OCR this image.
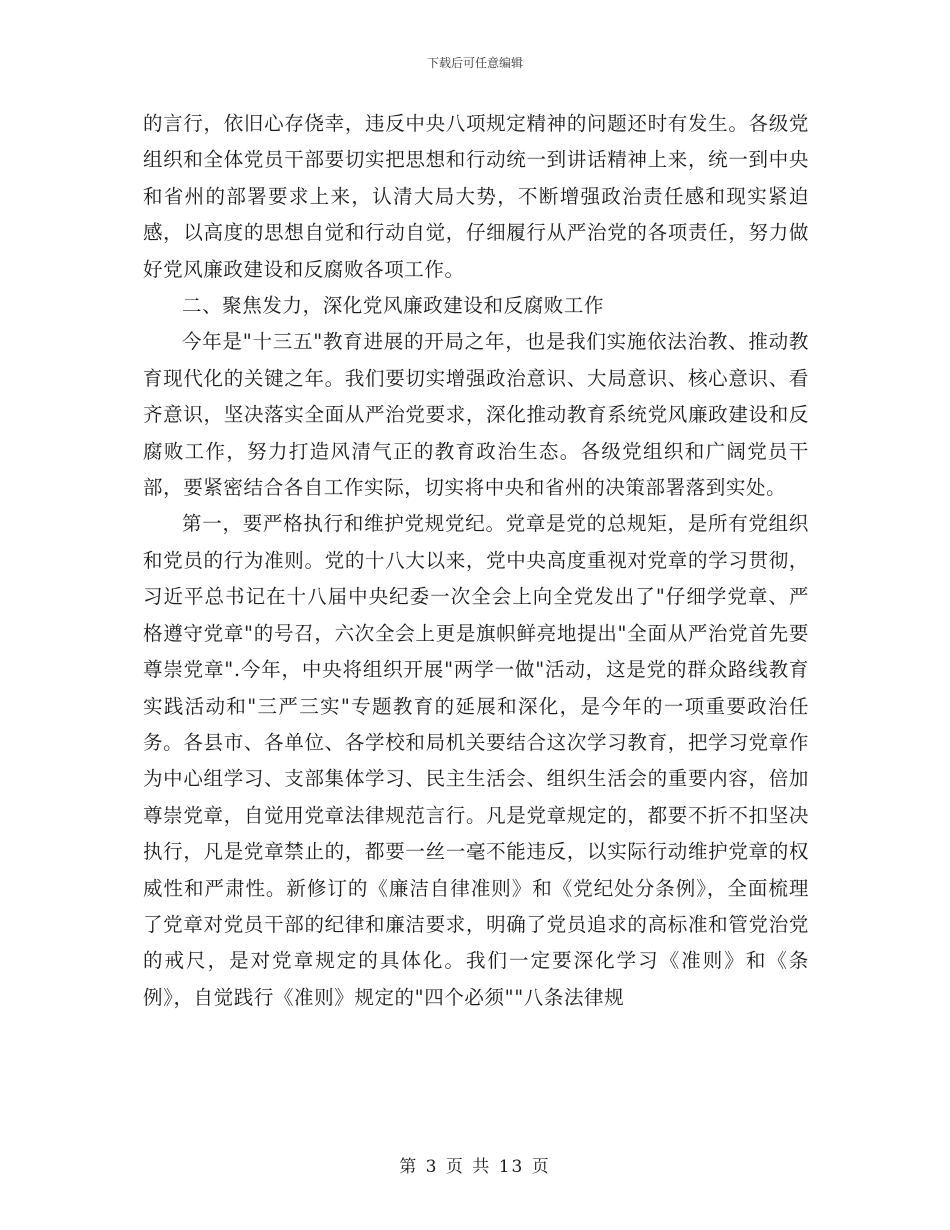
下载后可任意编辑

的言行，依旧心存侥幸，违反中央八项规定精神的问题还时有发生。各级党组织和全体党员干部要切实把思想和行动统一到讲话精神上来，统一到中央和省州的部署要求上来，认清大局大势，不断增强政治责任感和现实紧迫感，以高度的思想自觉和行动自觉，仔细履行从严治党的各项责任，努力做好党风廉政建设和反腐败各项工作。

二、聚焦发力，深化党风廉政建设和反腐败工作

今年是"十三五"教育进展的开局之年，也是我们实施依法治教、推动教育现代化的关键之年。我们要切实增强政治意识、大局意识、核心意识、看齐意识，坚决落实全面从严治党要求，深化推动教育系统党风廉政建设和反腐败工作，努力打造风清气正的教育政治生态。各级党组织和广阔党员干部，要紧密结合各自工作实际，切实将中央和省州的决策部署落到实处。

第一，要严格执行和维护党规党纪。党章是党的总规矩，是所有党组织和党员的行为准则。党的十八大以来，党中央高度重视对党章的学习贯彻，习近平总书记在十八届中央纪委一次全会上向全党发出了"仔细学党章、严格遵守党章"的号召，六次全会上更是旗帜鲜亮地提出"全面从严治党首先要尊崇党章".今年，中央将组织开展"两学一做"活动，这是党的群众路线教育实践活动和"三严三实"专题教育的延展和深化，是今年的一项重要政治任务。各县市、各单位、各学校和局机关要结合这次学习教育，把学习党章作为中心组学习、支部集体学习、民主生活会、组织生活会的重要内容，倍加尊崇党章，自觉用党章法律规范言行。凡是党章规定的，都要不折不扣坚决执行，凡是党章禁止的，都要一丝一毫不能违反，以实际行动维护党章的权威性和严肃性。新修订的《廉洁自律准则》和《党纪处分条例》，全面梳理了党章对党员干部的纪律和廉洁要求，明确了党员追求的高标准和管党治党的戒尺，是对党章规定的具体化。我们一定要深化学习《准则》和《条例》，自觉践行《准则》规定的"四个必须""八条法律规

第 3 页 共 13 页
